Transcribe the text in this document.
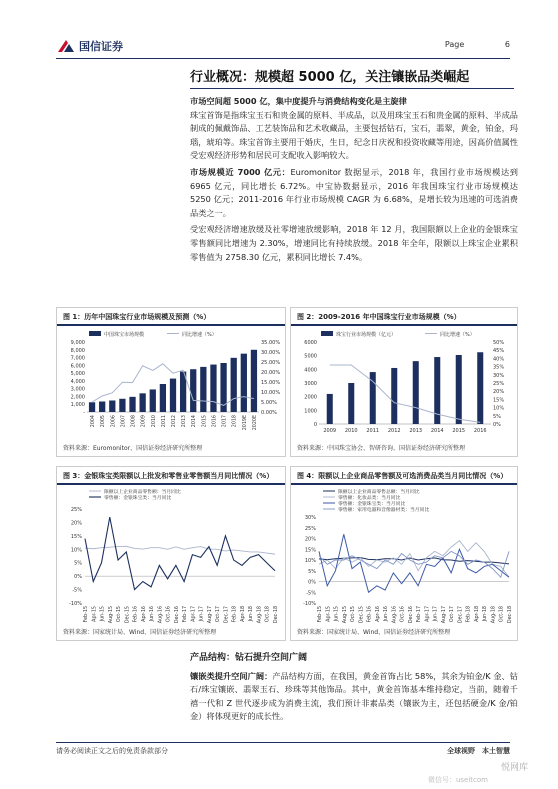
国信证券	Page	6
行业概况：规模超 5000 亿，关注镶嵌品类崛起

市场空间超 5000 亿，集中度提升与消费结构变化是主旋律
珠宝首饰是指珠宝玉石和贵金属的原料、半成品，以及用珠宝玉石和贵金属的原料、半成品制成的佩戴饰品、工艺装饰品和艺术收藏品，主要包括钻石，宝石，翡翠，黄金，铂金，玛瑙，琥珀等。珠宝首饰主要用于婚庆，生日，纪念日庆祝和投资收藏等用途，因高价值属性受宏观经济形势和居民可支配收入影响较大。

市场规模近 7000 亿元：Euromonitor 数据显示，2018 年，我国行业市场规模达到 6965 亿元，同比增长 6.72%。中宝协数据显示，2016 年我国珠宝行业市场规模达 5250 亿元；2011-2016 年行业市场规模 CAGR 为 6.68%，是增长较为迅速的可选消费品类之一。

受宏观经济增速放缓及社零增速放缓影响，2018 年 12 月，我国限额以上企业的金银珠宝零售额同比增速为 2.30%，增速同比有持续放缓。2018 年全年，限额以上珠宝企业累积零售值为 2758.30 亿元，累积同比增长 7.4%。

图 1：历年中国珠宝行业市场规模及预测（%）
中国珠宝市场规模	同比增速（%）
-
1,000
2,000
3,000
4,000
5,000
6,000
7,000
8,000
9,000
0.00%
5.00%
10.00%
15.00%
20.00%
25.00%
30.00%
35.00%
2004 2005 2006 2007 2008 2009 2010 2011 2012 2013 2014 2015 2016 2017 2018 2019E 2020E
资料来源：Euromonitor、国信证券经济研究所整理
图 2：2009-2016 年中国珠宝行业市场规模（%）
珠宝行业市场规模（亿元）	同比增速（%）
0
1000
2000
3000
4000
5000
6000
0%
5%
10%
15%
20%
25%
30%
35%
40%
45%
50%
2009 2010 2011 2012 2013 2014 2015 2016
资料来源：中国珠宝协会、智研咨询、国信证券经济研究所整理
图 3：金银珠宝类限额以上批发和零售业零售额当月同比情况（%）
限额以上企业商品零售额：当月同比
零售额：金银珠宝类：当月同比
-10%
-5%
0%
5%
10%
15%
20%
25%
Feb-15 Apr-15 Jun-15 Aug-15 Oct-15 Dec-15 Feb-16 Apr-16 Jun-16 Aug-16 Oct-16 Dec-16 Feb-17 Apr-17 Jun-17 Aug-17 Oct-17 Dec-17 Feb-18 Apr-18 Jun-18 Aug-18 Oct-18 Dec-18
资料来源：国家统计局、Wind、国信证券经济研究所整理
图 4：限额以上企业商品零售额及可选消费品类当月同比情况（%）
限额以上企业商品零售总额：当月同比
零售额：化妆品类：当月同比
零售额：金银珠宝类：当月同比
零售额：家用电器和音像器材类：当月同比
-10%
-5%
0%
5%
10%
15%
20%
25%
30%
Feb-15 Apr-15 Jun-15 Aug-15 Oct-15 Dec-15 Feb-16 Apr-16 Jun-16 Aug-16 Oct-16 Dec-16 Feb-17 Apr-17 Jun-17 Aug-17 Oct-17 Dec-17 Feb-18 Apr-18 Jun-18 Aug-18 Oct-18 Dec-18
资料来源：国家统计局、Wind、国信证券经济研究所整理
产品结构：钻石提升空间广阔

镶嵌类提升空间广阔：产品结构方面，在我国，黄金首饰占比 58%，其余为铂金/K 金、钻石/珠宝镶嵌、翡翠玉石、珍珠等其他饰品。其中，黄金首饰基本维持稳定，当前，随着千禧一代和 Z 世代逐步成为消费主流，我们预计非素品类（镶嵌为主，还包括硬金/K 金/铂金）将体现更好的成长性。

请务必阅读正文之后的免责条款部分	全球视野　本土智慧
悦网库
微信号：useitcom
